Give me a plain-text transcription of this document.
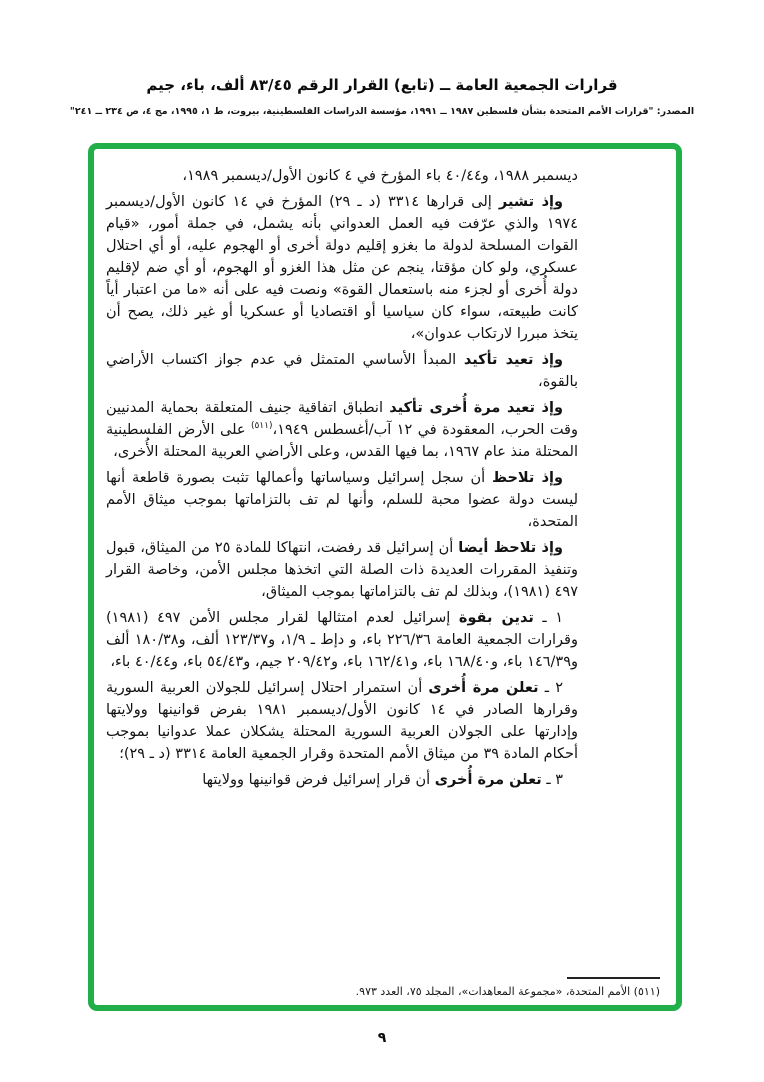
قرارات الجمعية العامة ــ (تابع) القرار الرقم ٨٣/٤٥ ألف، باء، جيم
المصدر: "قرارات الأمم المتحدة بشأن فلسطين ١٩٨٧ ــ ١٩٩١، مؤسسة الدراسات الفلسطينية، بيروت، ط ١، ١٩٩٥، مج ٤، ص ٢٣٤ ــ ٢٤١"

ديسمبر ١٩٨٨، و٤٠/٤٤ باء المؤرخ في ٤ كانون الأول/ديسمبر ١٩٨٩،

وإذ تشير إلى قرارها ٣٣١٤ (د ـ ٢٩) المؤرخ في ١٤ كانون الأول/ديسمبر ١٩٧٤ والذي عرّفت فيه العمل العدواني بأنه يشمل، في جملة أمور، «قيام القوات المسلحة لدولة ما بغزو إقليم دولة أخرى أو الهجوم عليه، أو أي احتلال عسكري، ولو كان مؤقتا، ينجم عن مثل هذا الغزو أو الهجوم، أو أي ضم لإقليم دولة أُخرى أو لجزء منه باستعمال القوة» ونصت فيه على أنه «ما من اعتبار أياً كانت طبيعته، سواء كان سياسيا أو اقتصاديا أو عسكريا أو غير ذلك، يصح أن يتخذ مبررا لارتكاب عدوان»،

وإذ تعيد تأكيد المبدأ الأساسي المتمثل في عدم جواز اكتساب الأراضي بالقوة،

وإذ تعيد مرة أُخرى تأكيد انطباق اتفاقية جنيف المتعلقة بحماية المدنيين وقت الحرب، المعقودة في ١٢ آب/أغسطس ١٩٤٩،$^{(٥١١)}$ على الأرض الفلسطينية المحتلة منذ عام ١٩٦٧، بما فيها القدس، وعلى الأراضي العربية المحتلة الأُخرى،

وإذ تلاحظ أن سجل إسرائيل وسياساتها وأعمالها تثبت بصورة قاطعة أنها ليست دولة عضوا محبة للسلم، وأنها لم تف بالتزاماتها بموجب ميثاق الأمم المتحدة،

وإذ تلاحظ أيضا أن إسرائيل قد رفضت، انتهاكا للمادة ٢٥ من الميثاق، قبول وتنفيذ المقررات العديدة ذات الصلة التي اتخذها مجلس الأمن، وخاصة القرار ٤٩٧ (١٩٨١)، وبذلك لم تف بالتزاماتها بموجب الميثاق،

١ ـ تدين بقوة إسرائيل لعدم امتثالها لقرار مجلس الأمن ٤٩٧ (١٩٨١) وقرارات الجمعية العامة ٢٢٦/٣٦ باء، و دإط ـ ١/٩، و١٢٣/٣٧ ألف، و١٨٠/٣٨ ألف و١٤٦/٣٩ باء، و١٦٨/٤٠ باء، و١٦٢/٤١ باء، و٢٠٩/٤٢ جيم، و٥٤/٤٣ باء، و٤٠/٤٤ باء،

٢ ـ تعلن مرة أُخرى أن استمرار احتلال إسرائيل للجولان العربية السورية وقرارها الصادر في ١٤ كانون الأول/ديسمبر ١٩٨١ بفرض قوانينها وولايتها وإدارتها على الجولان العربية السورية المحتلة يشكلان عملا عدوانيا بموجب أحكام المادة ٣٩ من ميثاق الأمم المتحدة وقرار الجمعية العامة ٣٣١٤ (د ـ ٢٩)؛

٣ ـ تعلن مرة أُخرى أن قرار إسرائيل فرض قوانينها وولايتها

(٥١١) الأمم المتحدة، «مجموعة المعاهدات»، المجلد ٧٥، العدد ٩٧٣.
٩
